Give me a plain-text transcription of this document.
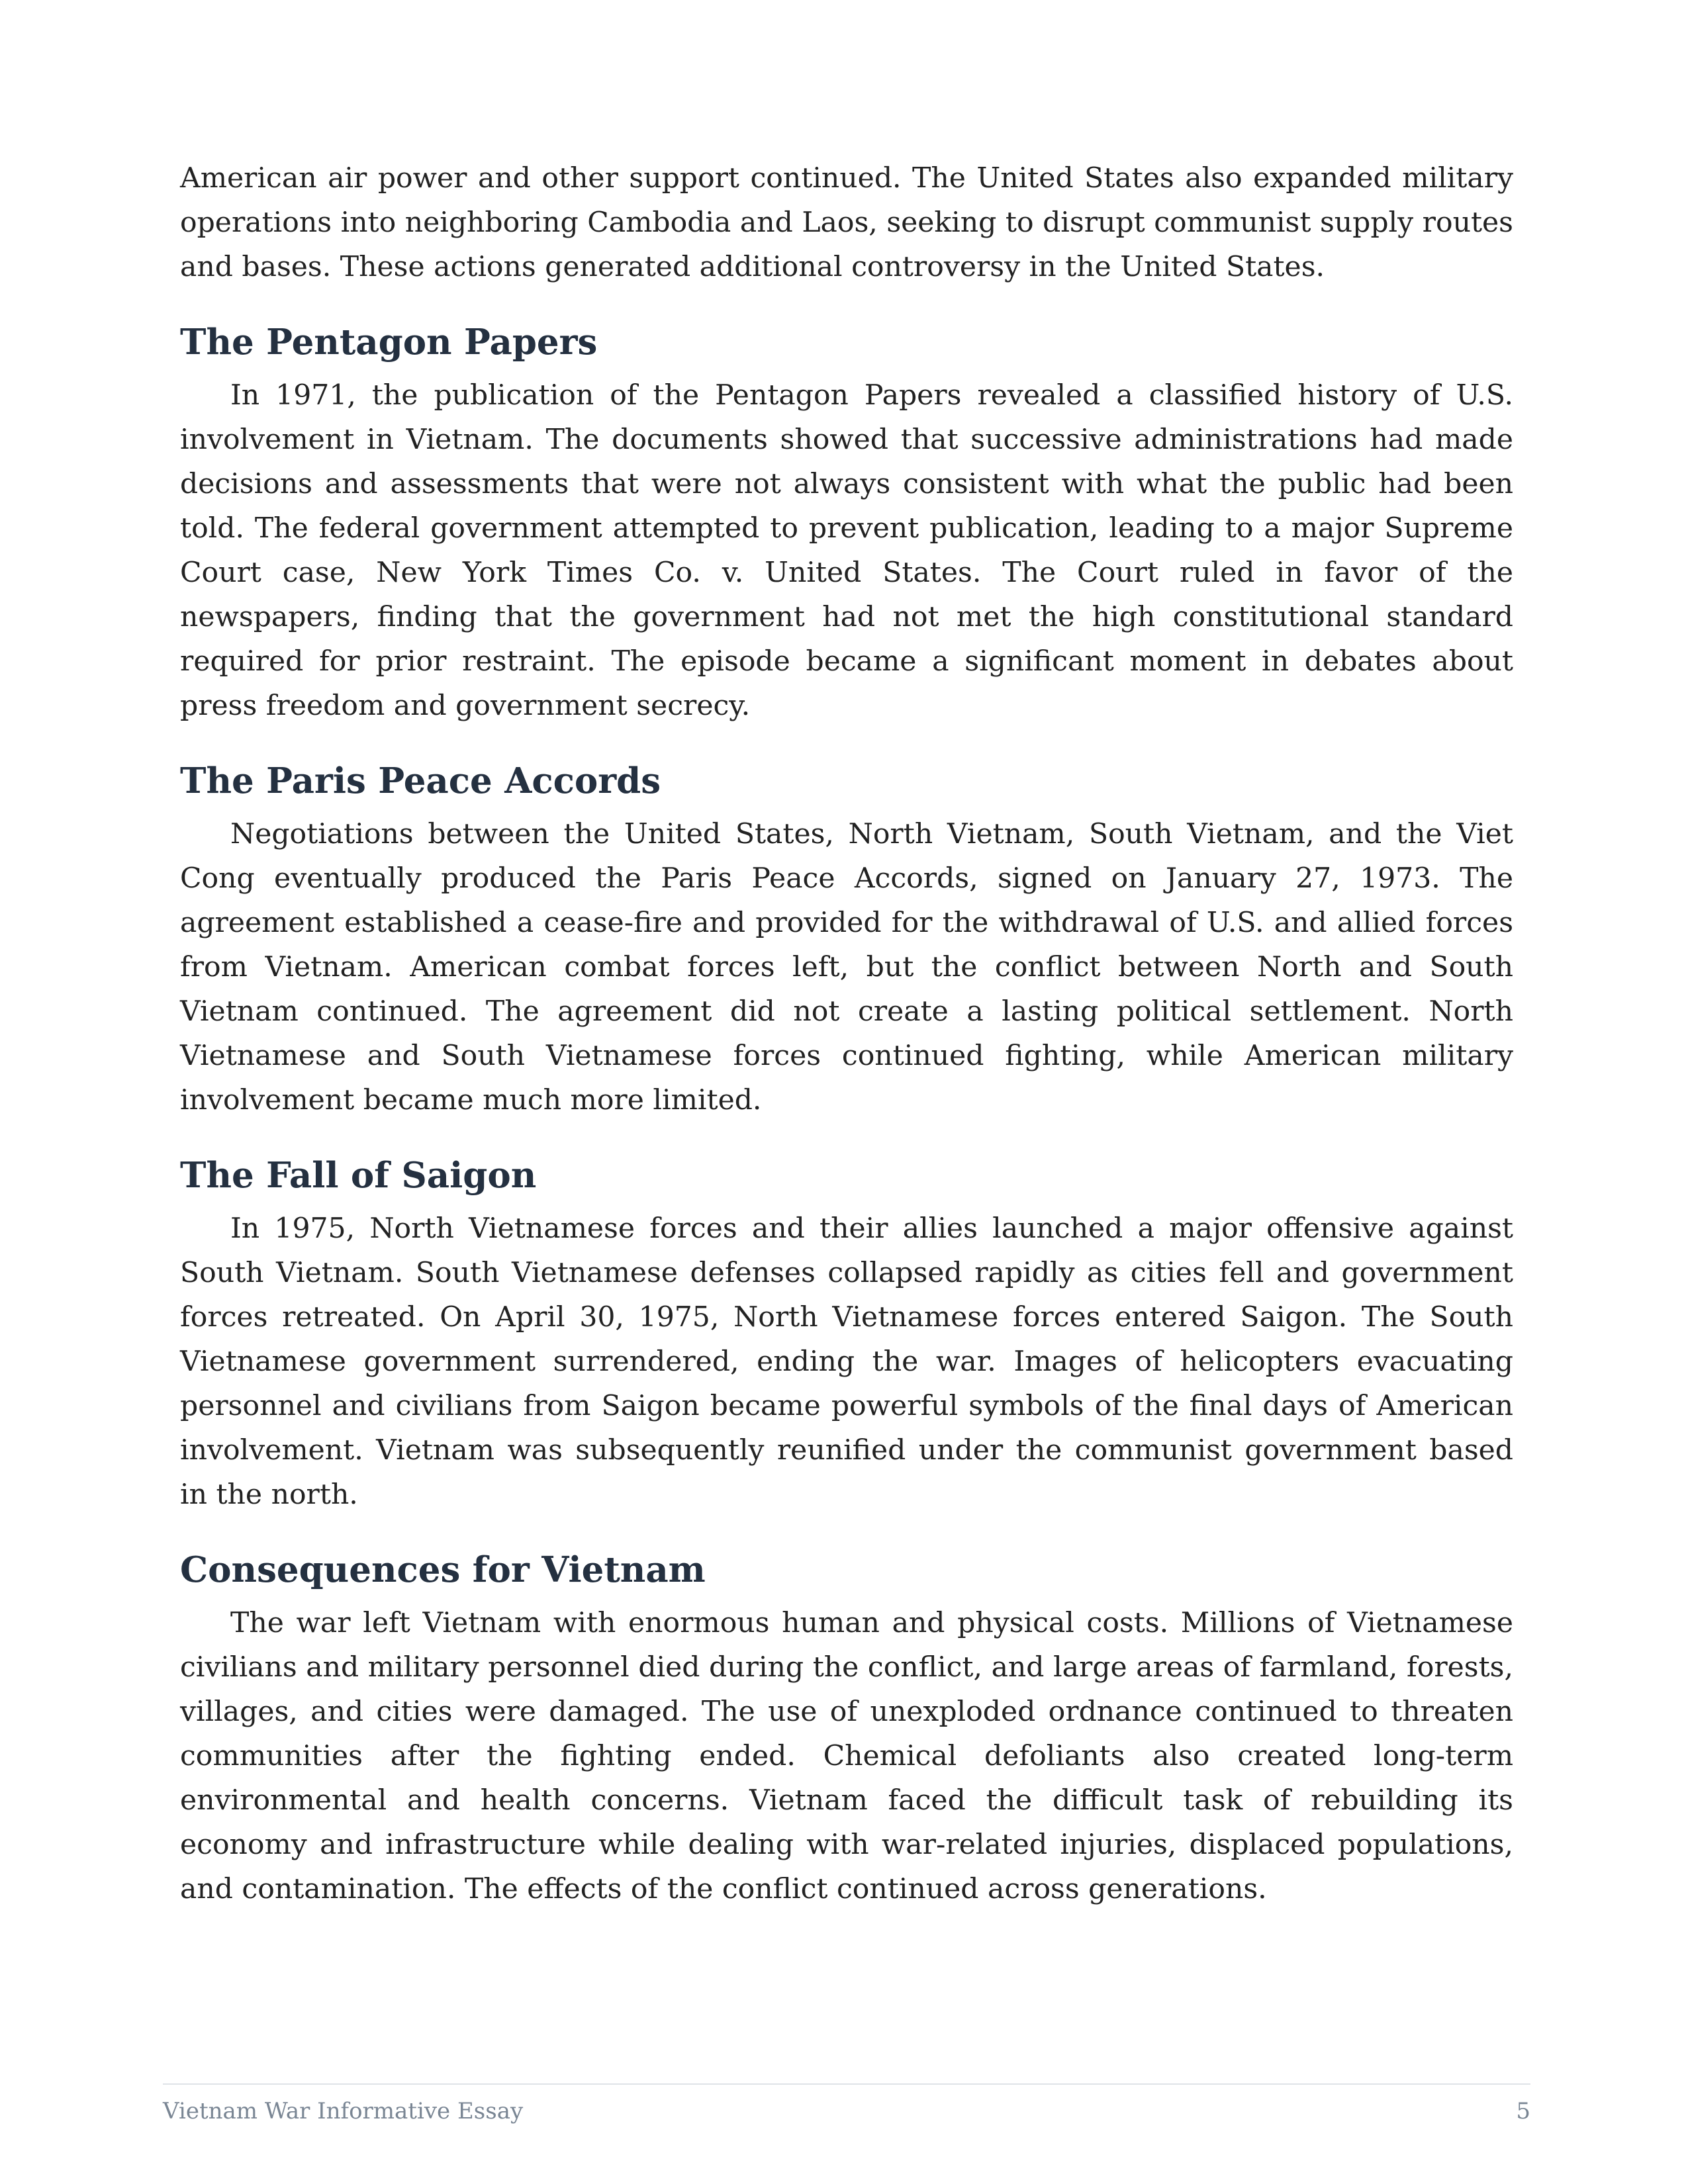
American air power and other support continued. The United States also expanded military operations into neighboring Cambodia and Laos, seeking to disrupt communist supply routes and bases. These actions generated additional controversy in the United States.

The Pentagon Papers

In 1971, the publication of the Pentagon Papers revealed a classified history of U.S. involvement in Vietnam. The documents showed that successive administrations had made decisions and assessments that were not always consistent with what the public had been told. The federal government attempted to prevent publication, leading to a major Supreme Court case, New York Times Co. v. United States. The Court ruled in favor of the newspapers, finding that the government had not met the high constitutional standard required for prior restraint. The episode became a significant moment in debates about press freedom and government secrecy.

The Paris Peace Accords

Negotiations between the United States, North Vietnam, South Vietnam, and the Viet Cong eventually produced the Paris Peace Accords, signed on January 27, 1973. The agreement established a cease-fire and provided for the withdrawal of U.S. and allied forces from Vietnam. American combat forces left, but the conflict between North and South Vietnam continued. The agreement did not create a lasting political settlement. North Vietnamese and South Vietnamese forces continued fighting, while American military involvement became much more limited.

The Fall of Saigon

In 1975, North Vietnamese forces and their allies launched a major offensive against South Vietnam. South Vietnamese defenses collapsed rapidly as cities fell and government forces retreated. On April 30, 1975, North Vietnamese forces entered Saigon. The South Vietnamese government surrendered, ending the war. Images of helicopters evacuating personnel and civilians from Saigon became powerful symbols of the final days of American involvement. Vietnam was subsequently reunified under the communist government based in the north.

Consequences for Vietnam

The war left Vietnam with enormous human and physical costs. Millions of Vietnamese civilians and military personnel died during the conflict, and large areas of farmland, forests, villages, and cities were damaged. The use of unexploded ordnance continued to threaten communities after the fighting ended. Chemical defoliants also created long-term environmental and health concerns. Vietnam faced the difficult task of rebuilding its economy and infrastructure while dealing with war-related injuries, displaced populations, and contamination. The effects of the conflict continued across generations.

Vietnam War Informative Essay	5
